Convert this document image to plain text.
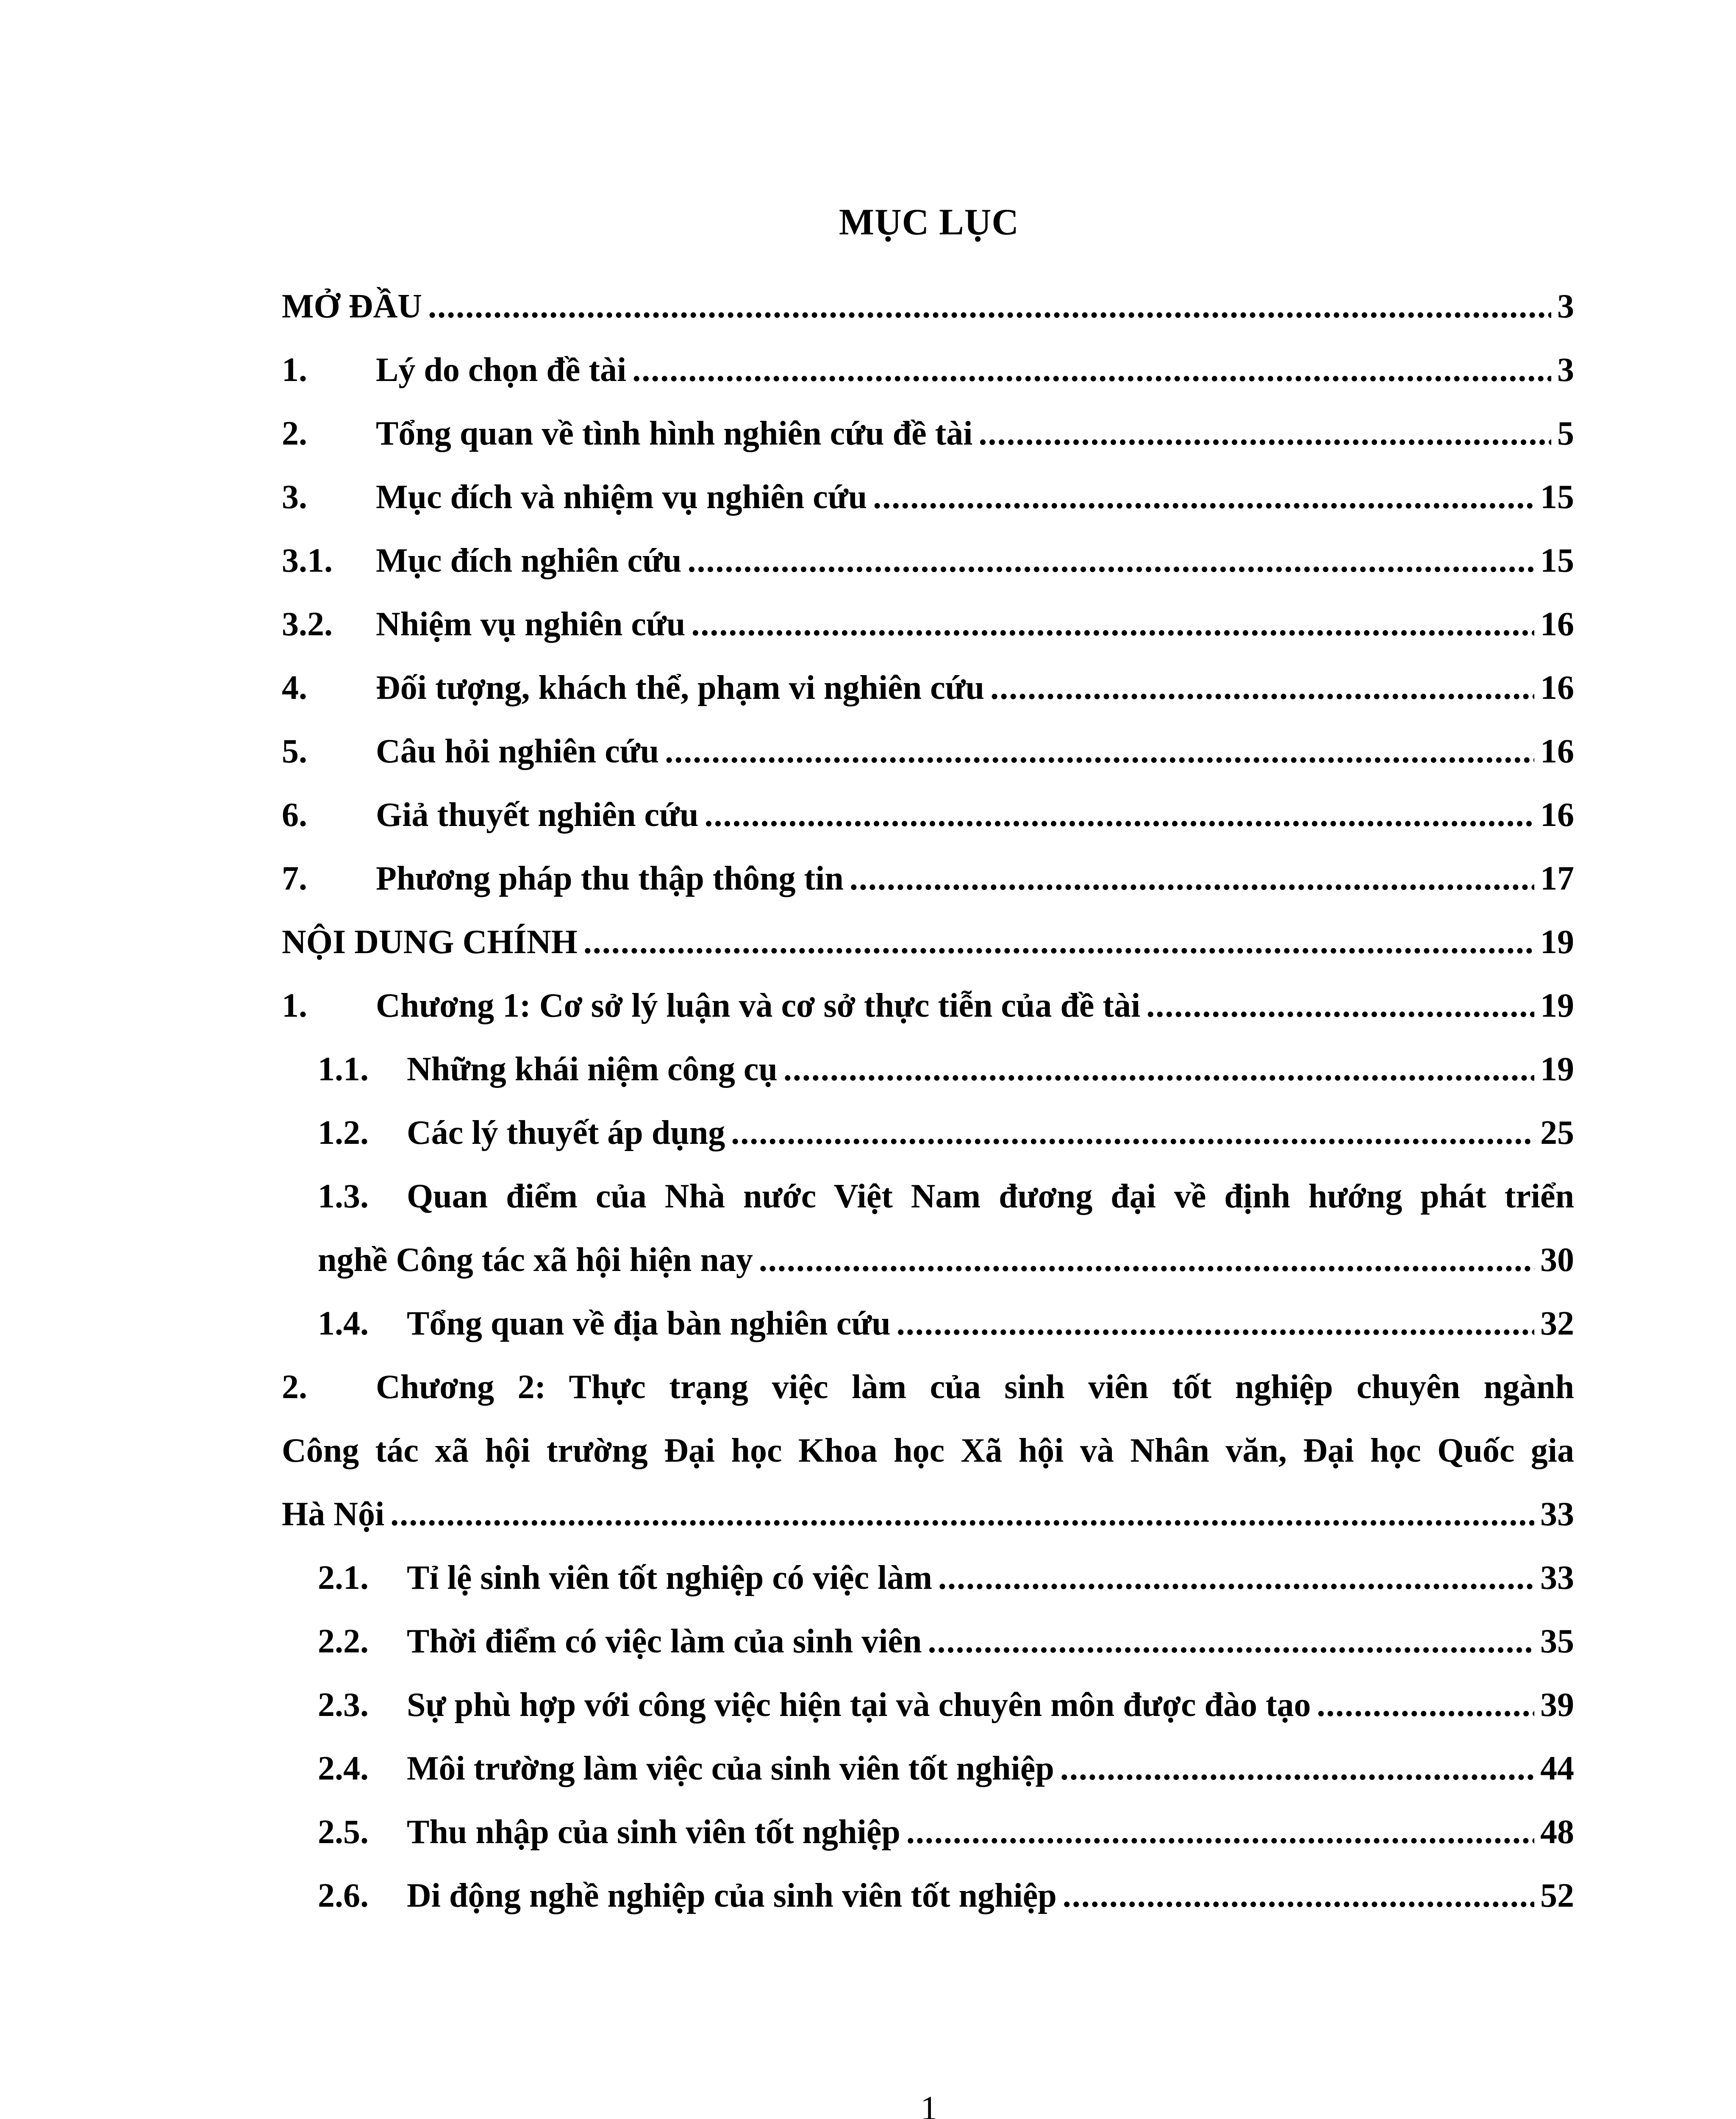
MỤC LỤC
MỞ ĐẦU .....	3
1.	Lý do chọn đề tài .....	3
2.	Tổng quan về tình hình nghiên cứu đề tài .....	5
3.	Mục đích và nhiệm vụ nghiên cứu .....	15
3.1.	Mục đích nghiên cứu .....	15
3.2.	Nhiệm vụ nghiên cứu .....	16
4.	Đối tượng, khách thể, phạm vi nghiên cứu .....	16
5.	Câu hỏi nghiên cứu .....	16
6.	Giả thuyết nghiên cứu .....	16
7.	Phương pháp thu thập thông tin .....	17
NỘI DUNG CHÍNH .....	19
1.	Chương 1: Cơ sở lý luận và cơ sở thực tiễn của đề tài .....	19
1.1.	Những khái niệm công cụ .....	19
1.2.	Các lý thuyết áp dụng .....	25
1.3.	Quan điểm của Nhà nước Việt Nam đương đại về định hướng phát triển
nghề Công tác xã hội hiện nay .....	30
1.4.	Tổng quan về địa bàn nghiên cứu .....	32
2.	Chương 2: Thực trạng việc làm của sinh viên tốt nghiệp chuyên ngành
Công tác xã hội trường Đại học Khoa học Xã hội và Nhân văn, Đại học Quốc gia
Hà Nội .....	33
2.1.	Tỉ lệ sinh viên tốt nghiệp có việc làm .....	33
2.2.	Thời điểm có việc làm của sinh viên .....	35
2.3.	Sự phù hợp với công việc hiện tại và chuyên môn được đào tạo .....	39
2.4.	Môi trường làm việc của sinh viên tốt nghiệp .....	44
2.5.	Thu nhập của sinh viên tốt nghiệp .....	48
2.6.	Di động nghề nghiệp của sinh viên tốt nghiệp .....	52
1
